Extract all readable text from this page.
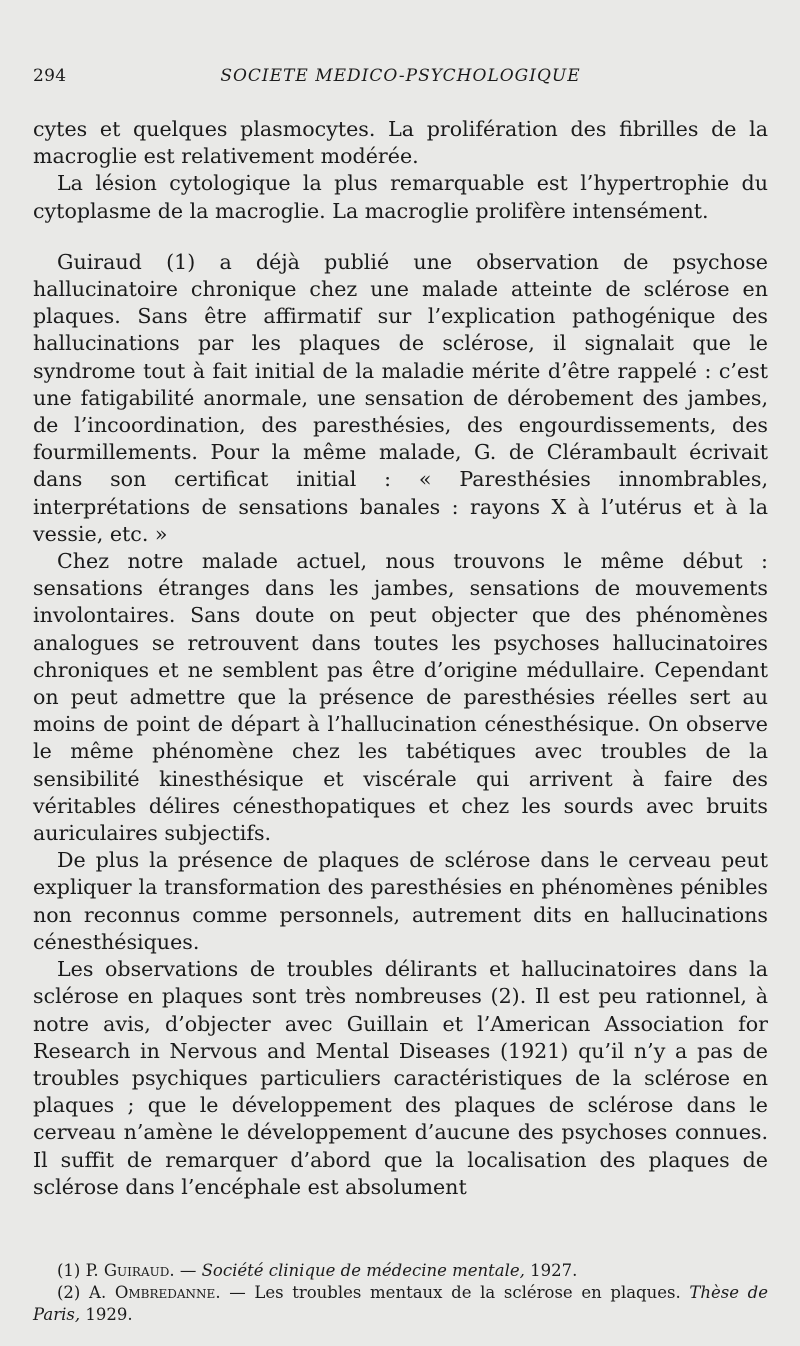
294	SOCIETE MEDICO-PSYCHOLOGIQUE

cytes et quelques plasmocytes. La prolifération des fibrilles de la macroglie est relativement modérée.

La lésion cytologique la plus remarquable est l’hypertrophie du cytoplasme de la macroglie. La macroglie prolifère intensément.

Guiraud (1) a déjà publié une observation de psychose hallucinatoire chronique chez une malade atteinte de sclérose en plaques. Sans être affirmatif sur l’explication pathogénique des hallucinations par les plaques de sclérose, il signalait que le syndrome tout à fait initial de la maladie mérite d’être rappelé : c’est une fatigabilité anormale, une sensation de dérobement des jambes, de l’incoordination, des paresthésies, des engourdissements, des fourmillements. Pour la même malade, G. de Clérambault écrivait dans son certificat initial : « Paresthésies innombrables, interprétations de sensations banales : rayons X à l’utérus et à la vessie, etc. »

Chez notre malade actuel, nous trouvons le même début : sensations étranges dans les jambes, sensations de mouvements involontaires. Sans doute on peut objecter que des phénomènes analogues se retrouvent dans toutes les psychoses hallucinatoires chroniques et ne semblent pas être d’origine médullaire. Cependant on peut admettre que la présence de paresthésies réelles sert au moins de point de départ à l’hallucination cénesthésique. On observe le même phénomène chez les tabétiques avec troubles de la sensibilité kinesthésique et viscérale qui arrivent à faire des véritables délires cénesthopatiques et chez les sourds avec bruits auriculaires subjectifs.

De plus la présence de plaques de sclérose dans le cerveau peut expliquer la transformation des paresthésies en phénomènes pénibles non reconnus comme personnels, autrement dits en hallucinations cénesthésiques.

Les observations de troubles délirants et hallucinatoires dans la sclérose en plaques sont très nombreuses (2). Il est peu rationnel, à notre avis, d’objecter avec Guillain et l’American Association for Research in Nervous and Mental Diseases (1921) qu’il n’y a pas de troubles psychiques particuliers caractéristiques de la sclérose en plaques ; que le développement des plaques de sclérose dans le cerveau n’amène le développement d’aucune des psychoses connues. Il suffit de remarquer d’abord que la localisation des plaques de sclérose dans l’encéphale est absolument

(1) P. Guiraud. — Société clinique de médecine mentale, 1927.

(2) A. Ombredanne. — Les troubles mentaux de la sclérose en plaques. Thèse de Paris, 1929.
